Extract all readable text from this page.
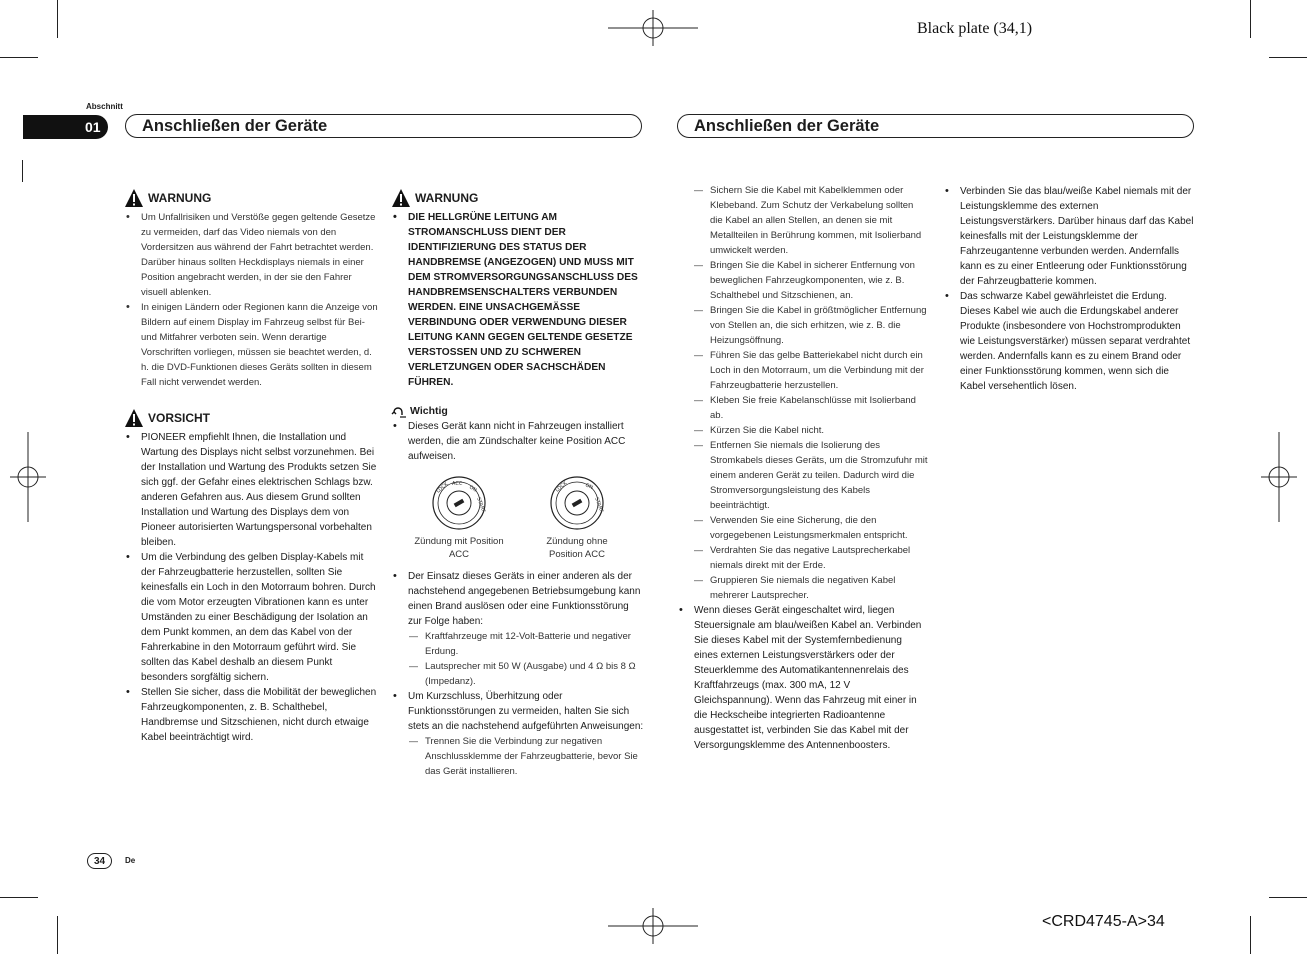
Black plate (34,1)
<CRD4745-A>34
Abschnitt
01	Anschließen der Geräte	Anschließen der Geräte
WARNUNG
• Um Unfallrisiken und Verstöße gegen geltende Gesetze zu vermeiden, darf das Video niemals von den Vordersitzen aus während der Fahrt betrachtet werden. Darüber hinaus sollten Heckdisplays niemals in einer Position angebracht werden, in der sie den Fahrer visuell ablenken.
• In einigen Ländern oder Regionen kann die Anzeige von Bildern auf einem Display im Fahrzeug selbst für Bei- und Mitfahrer verboten sein. Wenn derartige Vorschriften vorliegen, müssen sie beachtet werden, d. h. die DVD-Funktionen dieses Geräts sollten in diesem Fall nicht verwendet werden.
VORSICHT
• PIONEER empfiehlt Ihnen, die Installation und Wartung des Displays nicht selbst vorzunehmen. Bei der Installation und Wartung des Produkts setzen Sie sich ggf. der Gefahr eines elektrischen Schlags bzw. anderen Gefahren aus. Aus diesem Grund sollten Installation und Wartung des Displays dem von Pioneer autorisierten Wartungspersonal vorbehalten bleiben.
• Um die Verbindung des gelben Display-Kabels mit der Fahrzeugbatterie herzustellen, sollten Sie keinesfalls ein Loch in den Motorraum bohren. Durch die vom Motor erzeugten Vibrationen kann es unter Umständen zu einer Beschädigung der Isolation an dem Punkt kommen, an dem das Kabel von der Fahrerkabine in den Motorraum geführt wird. Sie sollten das Kabel deshalb an diesem Punkt besonders sorgfältig sichern.
• Stellen Sie sicher, dass die Mobilität der beweglichen Fahrzeugkomponenten, z. B. Schalthebel, Handbremse und Sitzschienen, nicht durch etwaige Kabel beeinträchtigt wird.
WARNUNG
• DIE HELLGRÜNE LEITUNG AM STROMANSCHLUSS DIENT DER IDENTIFIZIERUNG DES STATUS DER HANDBREMSE (ANGEZOGEN) UND MUSS MIT DEM STROMVERSORGUNGSANSCHLUSS DES HANDBREMSENSCHALTERS VERBUNDEN WERDEN. EINE UNSACHGEMÄSSE VERBINDUNG ODER VERWENDUNG DIESER LEITUNG KANN GEGEN GELTENDE GESETZE VERSTOSSEN UND ZU SCHWEREN VERLETZUNGEN ODER SACHSCHÄDEN FÜHREN.
Wichtig
• Dieses Gerät kann nicht in Fahrzeugen installiert werden, die am Zündschalter keine Position ACC aufweisen.
LOCK ACC
ON
START
Zündung mit Position ACC
LOCK	ON
START
Zündung ohne Position ACC
• Der Einsatz dieses Geräts in einer anderen als der nachstehend angegebenen Betriebsumgebung kann einen Brand auslösen oder eine Funktionsstörung zur Folge haben:
— Kraftfahrzeuge mit 12-Volt-Batterie und negativer Erdung.
— Lautsprecher mit 50 W (Ausgabe) und 4 Ω bis 8 Ω (Impedanz).
• Um Kurzschluss, Überhitzung oder Funktionsstörungen zu vermeiden, halten Sie sich stets an die nachstehend aufgeführten Anweisungen:
— Trennen Sie die Verbindung zur negativen Anschlussklemme der Fahrzeugbatterie, bevor Sie das Gerät installieren.
— Sichern Sie die Kabel mit Kabelklemmen oder Klebeband. Zum Schutz der Verkabelung sollten die Kabel an allen Stellen, an denen sie mit Metallteilen in Berührung kommen, mit Isolierband umwickelt werden.
— Bringen Sie die Kabel in sicherer Entfernung von beweglichen Fahrzeugkomponenten, wie z. B. Schalthebel und Sitzschienen, an.
— Bringen Sie die Kabel in größtmöglicher Entfernung von Stellen an, die sich erhitzen, wie z. B. die Heizungsöffnung.
— Führen Sie das gelbe Batteriekabel nicht durch ein Loch in den Motorraum, um die Verbindung mit der Fahrzeugbatterie herzustellen.
— Kleben Sie freie Kabelanschlüsse mit Isolierband ab.
— Kürzen Sie die Kabel nicht.
— Entfernen Sie niemals die Isolierung des Stromkabels dieses Geräts, um die Stromzufuhr mit einem anderen Gerät zu teilen. Dadurch wird die Stromversorgungsleistung des Kabels beeinträchtigt.
— Verwenden Sie eine Sicherung, die den vorgegebenen Leistungsmerkmalen entspricht.
— Verdrahten Sie das negative Lautsprecherkabel niemals direkt mit der Erde.
— Gruppieren Sie niemals die negativen Kabel mehrerer Lautsprecher.
• Wenn dieses Gerät eingeschaltet wird, liegen Steuersignale am blau/weißen Kabel an. Verbinden Sie dieses Kabel mit der Systemfernbedienung eines externen Leistungsverstärkers oder der Steuerklemme des Automatikantennenrelais des Kraftfahrzeugs (max. 300 mA, 12 V Gleichspannung). Wenn das Fahrzeug mit einer in die Heckscheibe integrierten Radioantenne ausgestattet ist, verbinden Sie das Kabel mit der Versorgungsklemme des Antennenboosters.
• Verbinden Sie das blau/weiße Kabel niemals mit der Leistungsklemme des externen Leistungsverstärkers. Darüber hinaus darf das Kabel keinesfalls mit der Leistungsklemme der Fahrzeugantenne verbunden werden. Andernfalls kann es zu einer Entleerung oder Funktionsstörung der Fahrzeugbatterie kommen.
• Das schwarze Kabel gewährleistet die Erdung. Dieses Kabel wie auch die Erdungskabel anderer Produkte (insbesondere von Hochstromprodukten wie Leistungsverstärker) müssen separat verdrahtet werden. Andernfalls kann es zu einem Brand oder einer Funktionsstörung kommen, wenn sich die Kabel versehentlich lösen.
34	De
